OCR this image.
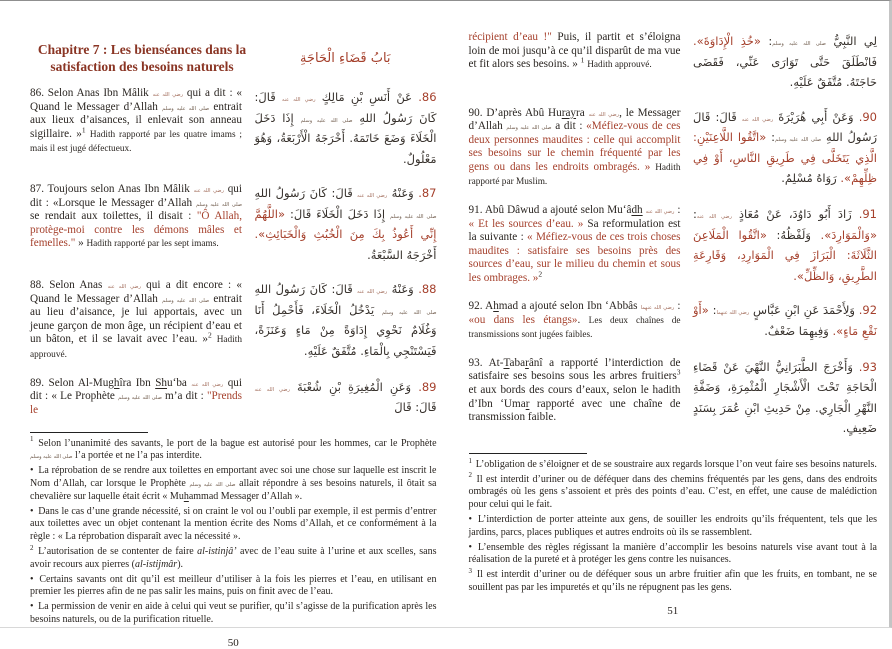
Chapitre 7 : Les bienséances dans la satisfaction des besoins naturels
بَابُ قَضَاءِ الْحَاجَةِ

86. Selon Anas Ibn Mâlik رضي الله عنه qui a dit : « Quand le Messager d’Allah صلى الله عليه وسلم entrait aux lieux d’aisances, il enlevait son anneau sigillaire. »$^1$ Hadith rapporté par les quatre imams ; mais il est jugé défectueux.

86. عَنْ أَنَسِ بْنِ مَالِكٍ رضي الله عنه قَالَ: كَانَ رَسُولُ اللهِ صلى الله عليه وسلم إِذَا دَخَلَ الْخَلَاءَ وَضَعَ خَاتَمَهُ. أَخْرَجَهُ الْأَرْبَعَةُ، وَهُوَ مَعْلُولٌ.

87. Toujours selon Anas Ibn Mâlik رضي الله عنه qui dit : «Lorsque le Messager d’Allah صلى الله عليه وسلم se rendait aux toilettes, il disait : "Ô Allah, protège-moi contre les démons mâles et femelles." » Hadith rapporté par les sept imams.

87. وَعَنْهُ رضي الله عنه قَالَ: كَانَ رَسُولُ اللهِ صلى الله عليه وسلم إِذَا دَخَلَ الْخَلَاءَ قَالَ: «اللَّهُمَّ إِنِّي أَعُوذُ بِكَ مِنَ الْخُبُثِ وَالْخَبَائِثِ». أَخْرَجَهُ السَّبْعَةُ.

88. Selon Anas رضي الله عنه qui a dit encore : « Quand le Messager d’Allah صلى الله عليه وسلم entrait au lieu d’aisance, je lui apportais, avec un jeune garçon de mon âge, un récipient d’eau et un bâton, et il se lavait avec l’eau. »$^2$ Hadith approuvé.

88. وَعَنْهُ رضي الله عنه قَالَ: كَانَ رَسُولُ اللهِ صلى الله عليه وسلم يَدْخُلُ الْخَلَاءَ، فَأَحْمِلُ أَنَا وَغُلَامٌ نَحْوِي إِدَاوَةً مِنْ مَاءٍ وَعَنَزَةً، فَيَسْتَنْجِي بِالْمَاءِ. مُتَّفَقٌ عَلَيْهِ.

89. Selon Al-Mughîra Ibn Shu‘ba رضي الله عنه qui dit : « Le Prophète صلى الله عليه وسلم m’a dit : "Prends le

89. وَعَنِ الْمُغِيرَةِ بْنِ شُعْبَةَ رضي الله عنه قَالَ: قَالَ

$^1$ Selon l’unanimité des savants, le port de la bague est autorisé pour les hommes, car le Prophète صلى الله عليه وسلم l’a portée et ne l’a pas interdite.

• La réprobation de se rendre aux toilettes en emportant avec soi une chose sur laquelle est inscrit le Nom d’Allah, car lorsque le Prophète صلى الله عليه وسلم allait répondre à ses besoins naturels, il ôtait sa chevalière sur laquelle était écrit « Muhammad Messager d’Allah ».

• Dans le cas d’une grande nécessité, si on craint le vol ou l’oubli par exemple, il est permis d’entrer aux toilettes avec un objet contenant la mention écrite des Noms d’Allah, et ce conformément à la règle : « La réprobation disparaît avec la nécessité ».

$^2$ L’autorisation de se contenter de faire al-istinjâ’ avec de l’eau suite à l’urine et aux scelles, sans avoir recours aux pierres (al-istijmâr).

• Certains savants ont dit qu’il est meilleur d’utiliser à la fois les pierres et l’eau, en utilisant en premier les pierres afin de ne pas salir les mains, puis on finit avec de l’eau.

• La permission de venir en aide à celui qui veut se purifier, qu’il s’agisse de la purification après les besoins naturels, ou de la purification rituelle.

50

récipient d’eau !" Puis, il partit et s’éloigna loin de moi jusqu’à ce qu’il disparût de ma vue et fit alors ses besoins. » $^1$ Hadith approuvé.

لِي النَّبِيُّ صلى الله عليه وسلم: «خُذِ الْإِدَاوَةَ». فَانْطَلَقَ حَتَّى تَوَارَى عَنِّي، فَقَضَى حَاجَتَهُ. مُتَّفَقٌ عَلَيْهِ.

90. D’après Abû Hurayra رضي الله عنه, le Messager d’Allah صلى الله عليه وسلم a dit : «Méfiez-vous de ces deux personnes maudites : celle qui accomplit ses besoins sur le chemin fréquenté par les gens ou dans les endroits ombragés. » Hadith rapporté par Muslim.

90. وَعَنْ أَبِي هُرَيْرَةَ رضي الله عنه قَالَ: قَالَ رَسُولُ اللهِ صلى الله عليه وسلم: «اتَّقُوا اللَّاعِنَيْنِ: الَّذِي يَتَخَلَّى فِي طَرِيقِ النَّاسِ، أَوْ فِي ظِلِّهِمْ». رَوَاهُ مُسْلِمٌ.

91. Abû Dâwud a ajouté selon Mu‘âdh رضي الله عنه : « Et les sources d’eau. » Sa reformulation est la suivante : « Méfiez-vous de ces trois choses maudites : satisfaire ses besoins près des sources d’eau, sur le milieu du chemin et sous les ombrages. »$^2$

91. زَادَ أَبُو دَاوُدَ، عَنْ مُعَاذٍ رضي الله عنه: «وَالْمَوَارِدَ». وَلَفْظُهُ: «اتَّقُوا الْمَلَاعِنَ الثَّلَاثَةَ: الْبَرَازَ فِي الْمَوَارِدِ، وَقَارِعَةِ الطَّرِيقِ، وَالظِّلِّ».

92. Ahmad a ajouté selon Ibn ‘Abbâs رضي الله عنهما : «ou dans les étangs». Les deux chaînes de transmissions sont jugées faibles.

92. وَلِأَحْمَدَ عَنِ ابْنِ عَبَّاسٍ رضي الله عنهما: «أَوْ نَقْعِ مَاءٍ». وَفِيهِمَا ضَعْفٌ.

93. At-Tabarânî a rapporté l’interdiction de satisfaire ses besoins sous les arbres fruitiers$^3$ et aux bords des cours d’eaux, selon le hadith d’Ibn ‘Umar rapporté avec une chaîne de transmission faible.

93. وَأَخْرَجَ الطَّبَرَانِيُّ النَّهْيَ عَنْ قَضَاءِ الْحَاجَةِ تَحْتَ الْأَشْجَارِ الْمُثْمِرَةِ، وَضَفَّةِ النَّهْرِ الْجَارِي. مِنْ حَدِيثِ ابْنِ عُمَرَ بِسَنَدٍ ضَعِيفٍ.

$^1$ L’obligation de s’éloigner et de se soustraire aux regards lorsque l’on veut faire ses besoins naturels.

$^2$ Il est interdit d’uriner ou de déféquer dans des chemins fréquentés par les gens, dans des endroits ombragés où les gens s’assoient et près des points d’eau. C’est, en effet, une cause de malédiction pour celui qui le fait.

• L’interdiction de porter atteinte aux gens, de souiller les endroits qu’ils fréquentent, tels que les jardins, parcs, places publiques et autres endroits où ils se rassemblent.

• L’ensemble des règles régissant la manière d’accomplir les besoins naturels vise avant tout à la réalisation de la pureté et à protéger les gens contre les nuisances.

$^3$ Il est interdit d’uriner ou de déféquer sous un arbre fruitier afin que les fruits, en tombant, ne se souillent pas par les impuretés et qu’ils ne répugnent pas les gens.

51
